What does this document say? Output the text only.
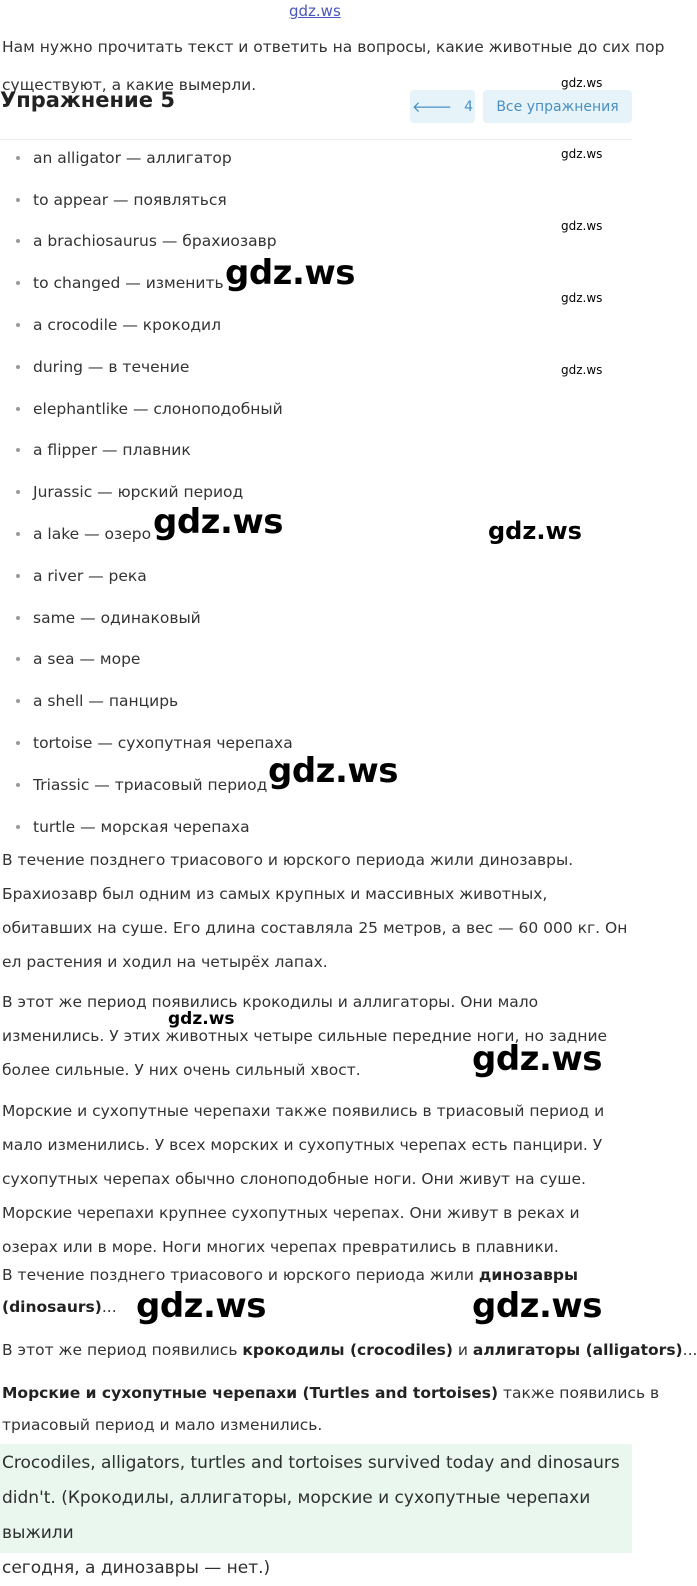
gdz.ws
gdz.ws
gdz.ws
gdz.ws
gdz.ws
gdz.ws
Нам нужно прочитать текст и ответить на вопросы, какие животные до сих пор
существуют, а какие вымерли.
Упражнение 5	🡐 4	Все упражнения
an alligator — аллигатор
to appear — появляться
a brachiosaurus — брахиозавр
to changed — изменить
a crocodile — крокодил
during — в течение
elephantlike — слоноподобный
a flipper — плавник
Jurassic — юрский период
a lake — озеро
a river — река
same — одинаковый
a sea — море
a shell — панцирь
tortoise — сухопутная черепаха
Triassic — триасовый период
turtle — морская черепаха

В течение позднего триасового и юрского периода жили динозавры. Брахиозавр был одним из самых крупных и массивных животных, обитавших на суше. Его длина составляла 25 метров, а вес — 60 000 кг. Он ел растения и ходил на четырёх лапах.

В этот же период появились крокодилы и аллигаторы. Они мало изменились. У этих животных четыре сильные передние ноги, но задние более сильные. У них очень сильный хвост.

Морские и сухопутные черепахи также появились в триасовый период и мало изменились. У всех морских и сухопутных черепах есть панцири. У сухопутных черепах обычно слоноподобные ноги. Они живут на суше. Морские черепахи крупнее сухопутных черепах. Они живут в реках и озерах или в море. Ноги многих черепах превратились в плавники.

В течение позднего триасового и юрского периода жили динозавры
(dinosaurs)...
В этот же период появились крокодилы (crocodiles) и аллигаторы (alligators)...
Морские и сухопутные черепахи (Turtles and tortoises) также появились в
триасовый период и мало изменились.

Crocodiles, alligators, turtles and tortoises survived today and dinosaurs
didn't. (Крокодилы, аллигаторы, морские и сухопутные черепахи выжили
сегодня, а динозавры — нет.)

gdz.ws
gdz.ws	gdz.ws
gdz.ws
gdz.ws
gdz.ws
gdz.ws	gdz.ws
